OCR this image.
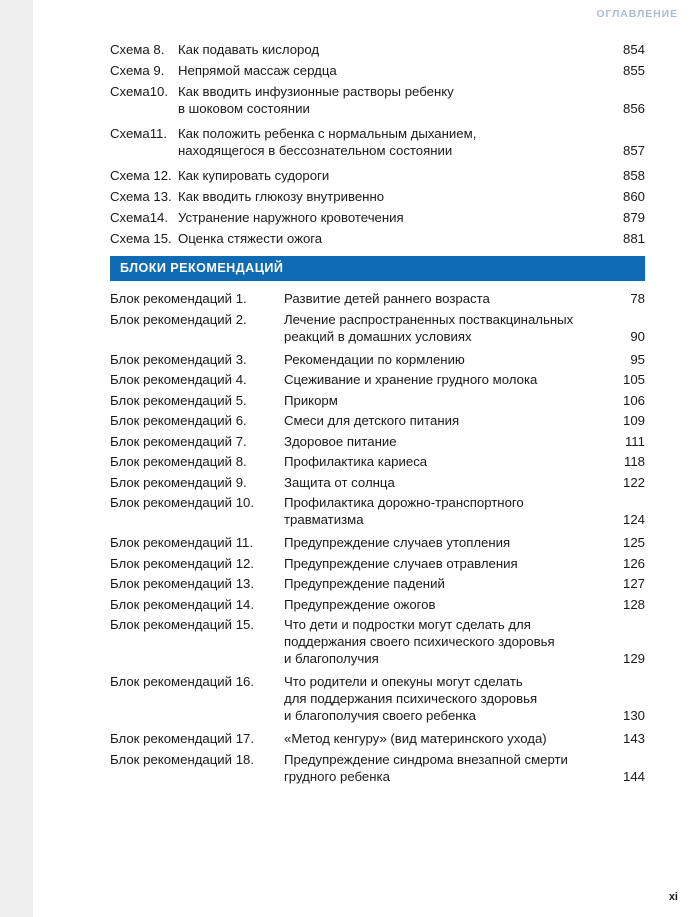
ОГЛАВЛЕНИЕ
Схема 8.	Как подавать кислород	854
Схема 9.	Непрямой массаж сердца	855
Схема10. Как вводить инфузионные растворы ребенку
в шоковом состоянии	856
Схема11. Как положить ребенка с нормальным дыханием,
находящегося в бессознательном состоянии	857
Схема 12. Как купировать судороги	858
Схема 13. Как вводить глюкозу внутривенно	860
Схема14. Устранение наружного кровотечения	879
Схема 15. Оценка стяжести ожога	881
БЛОКИ РЕКОМЕНДАЦИЙ
Блок рекомендаций 1.	Развитие детей раннего возраста	78
Блок рекомендаций 2.	Лечение распространенных поствакцинальных
реакций в домашних условиях	90
Блок рекомендаций 3.	Рекомендации по кормлению	95
Блок рекомендаций 4.	Сцеживание и хранение грудного молока	105
Блок рекомендаций 5.	Прикорм	106
Блок рекомендаций 6.	Смеси для детского питания	109
Блок рекомендаций 7.	Здоровое питание	111
Блок рекомендаций 8.	Профилактика кариеса	118
Блок рекомендаций 9.	Защита от солнца	122
Блок рекомендаций 10.	Профилактика дорожно-транспортного
травматизма	124
Блок рекомендаций 11.	Предупреждение случаев утопления	125
Блок рекомендаций 12.	Предупреждение случаев отравления	126
Блок рекомендаций 13.	Предупреждение падений	127
Блок рекомендаций 14.	Предупреждение ожогов	128
Блок рекомендаций 15.	Что дети и подростки могут сделать для
поддержания своего психического здоровья
и благополучия	129
Блок рекомендаций 16.	Что родители и опекуны могут сделать
для поддержания психического здоровья
и благополучия своего ребенка	130
Блок рекомендаций 17.	«Метод кенгуру» (вид материнского ухода)	143
Блок рекомендаций 18.	Предупреждение синдрома внезапной смерти
грудного ребенка	144
xi
